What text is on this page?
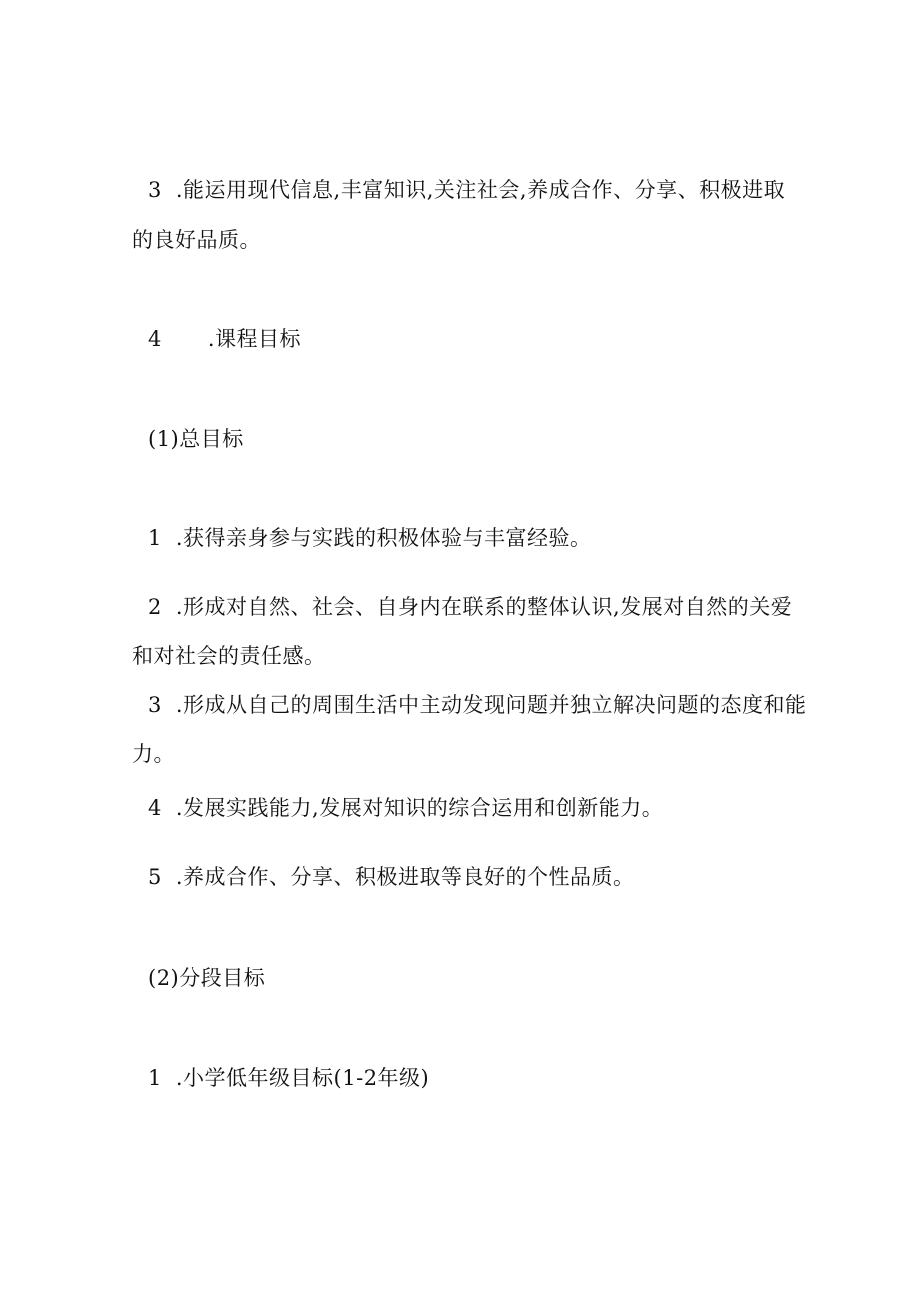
3 .能运用现代信息,丰富知识,关注社会,养成合作、分享、积极进取
的良好品质。
4 .课程目标
(1)总目标
1 .获得亲身参与实践的积极体验与丰富经验。
2 .形成对自然、社会、自身内在联系的整体认识,发展对自然的关爱
和对社会的责任感。
3 .形成从自己的周围生活中主动发现问题并独立解决问题的态度和能
力。
4 .发展实践能力,发展对知识的综合运用和创新能力。
5 .养成合作、分享、积极进取等良好的个性品质。
(2)分段目标
1 .小学低年级目标(1-2年级)
